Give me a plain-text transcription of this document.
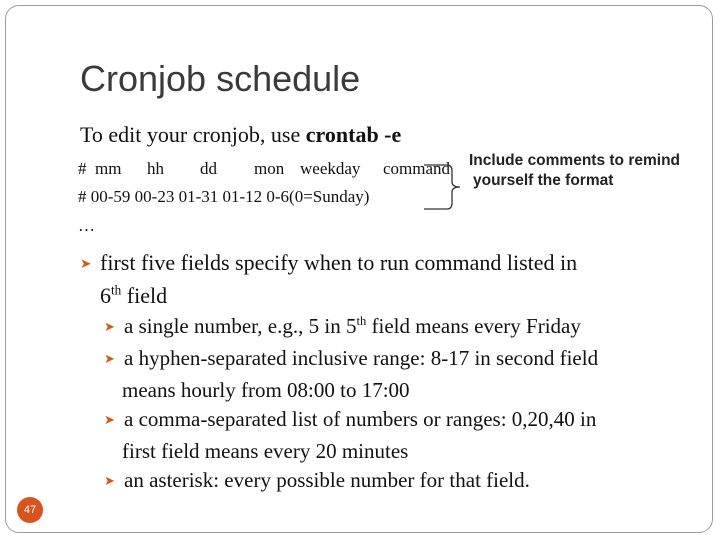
Cronjob schedule
To edit your cronjob, use crontab -e
# mm hh dd mon weekday command
# 00-59 00-23 01-31 01-12 0-6(0=Sunday)
…
Include comments to remind
yourself the format
➤ first five fields specify when to run command listed in
6th field
➤ a single number, e.g., 5 in 5th field means every Friday
➤ a hyphen-separated inclusive range: 8-17 in second field
means hourly from 08:00 to 17:00
➤ a comma-separated list of numbers or ranges: 0,20,40 in
first field means every 20 minutes
➤ an asterisk: every possible number for that field.
47
